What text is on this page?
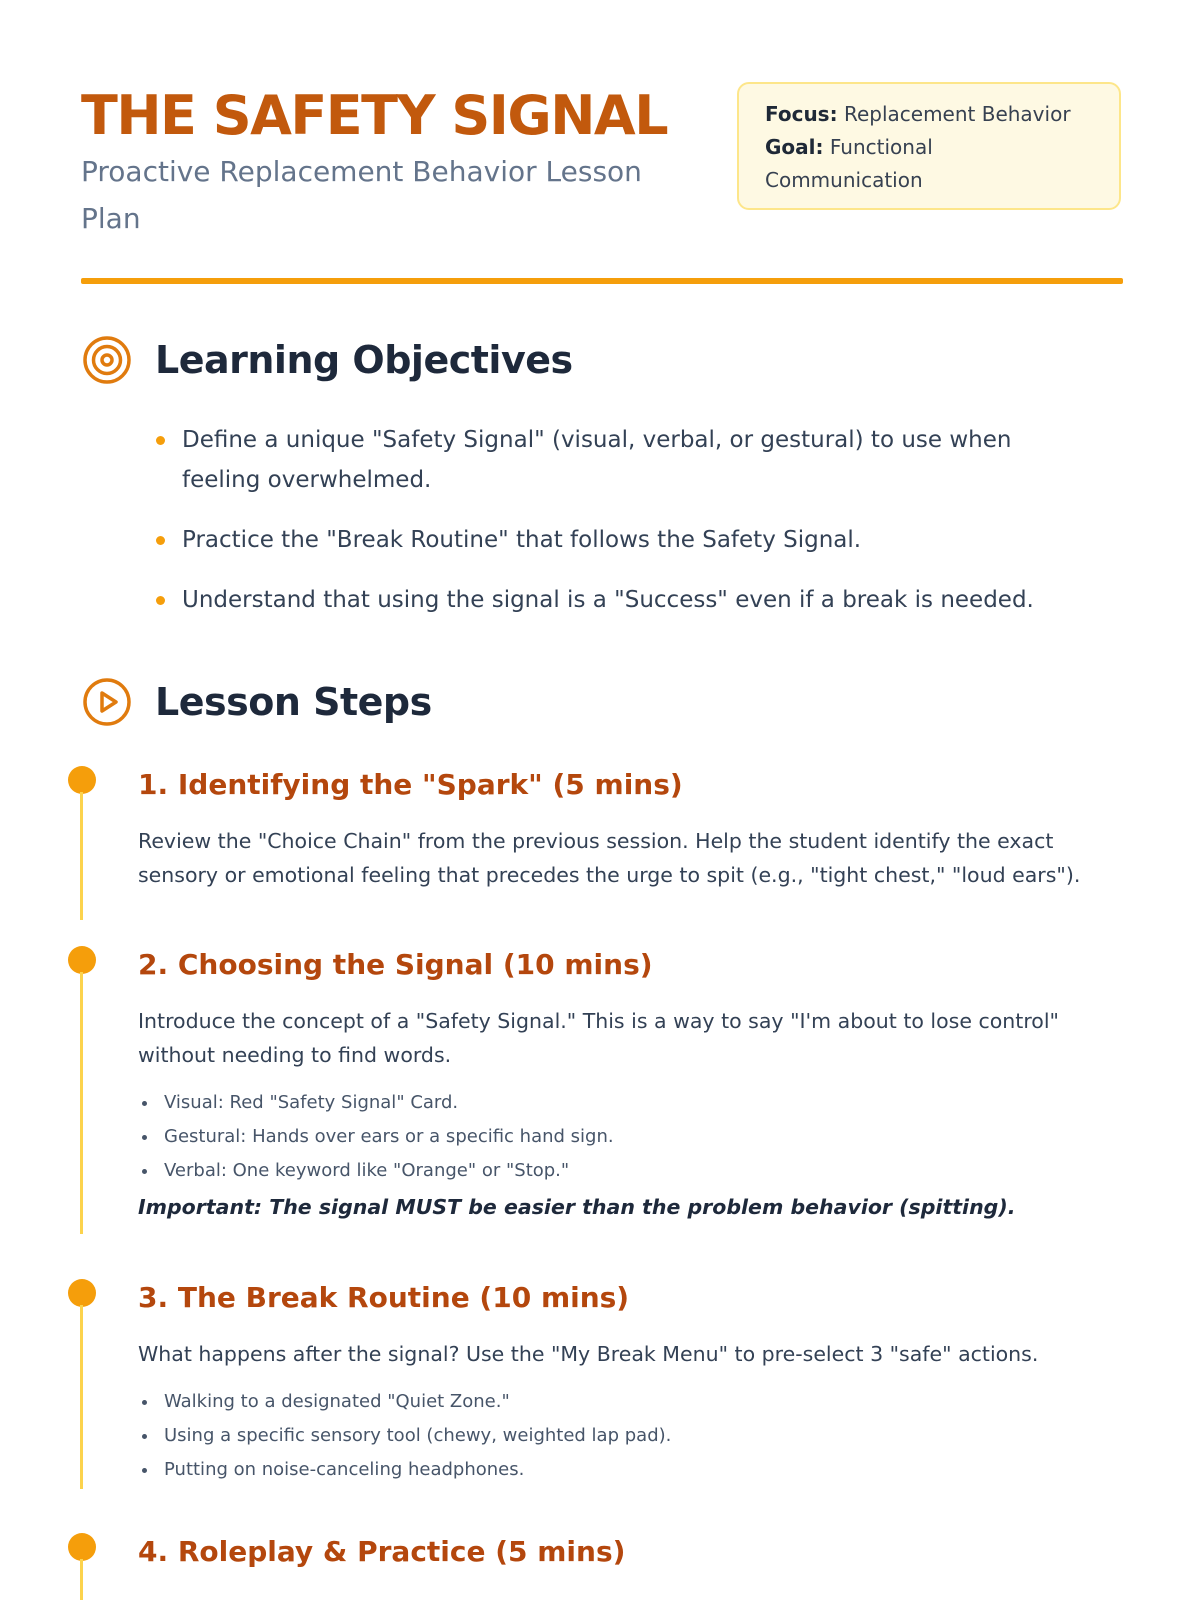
THE SAFETY SIGNAL
Proactive Replacement Behavior Lesson Plan
Focus: Replacement Behavior
Goal: Functional Communication
Learning Objectives
Define a unique "Safety Signal" (visual, verbal, or gestural) to use when feeling overwhelmed.
Practice the "Break Routine" that follows the Safety Signal.
Understand that using the signal is a "Success" even if a break is needed.
Lesson Steps
1. Identifying the "Spark" (5 mins)
Review the "Choice Chain" from the previous session. Help the student identify the exact sensory or emotional feeling that precedes the urge to spit (e.g., "tight chest," "loud ears").
2. Choosing the Signal (10 mins)
Introduce the concept of a "Safety Signal." This is a way to say "I'm about to lose control" without needing to find words.
Visual: Red "Safety Signal" Card.
Gestural: Hands over ears or a specific hand sign.
Verbal: One keyword like "Orange" or "Stop."
Important: The signal MUST be easier than the problem behavior (spitting).
3. The Break Routine (10 mins)
What happens after the signal? Use the "My Break Menu" to pre-select 3 "safe" actions.
Walking to a designated "Quiet Zone."
Using a specific sensory tool (chewy, weighted lap pad).
Putting on noise-canceling headphones.
4. Roleplay & Practice (5 mins)
